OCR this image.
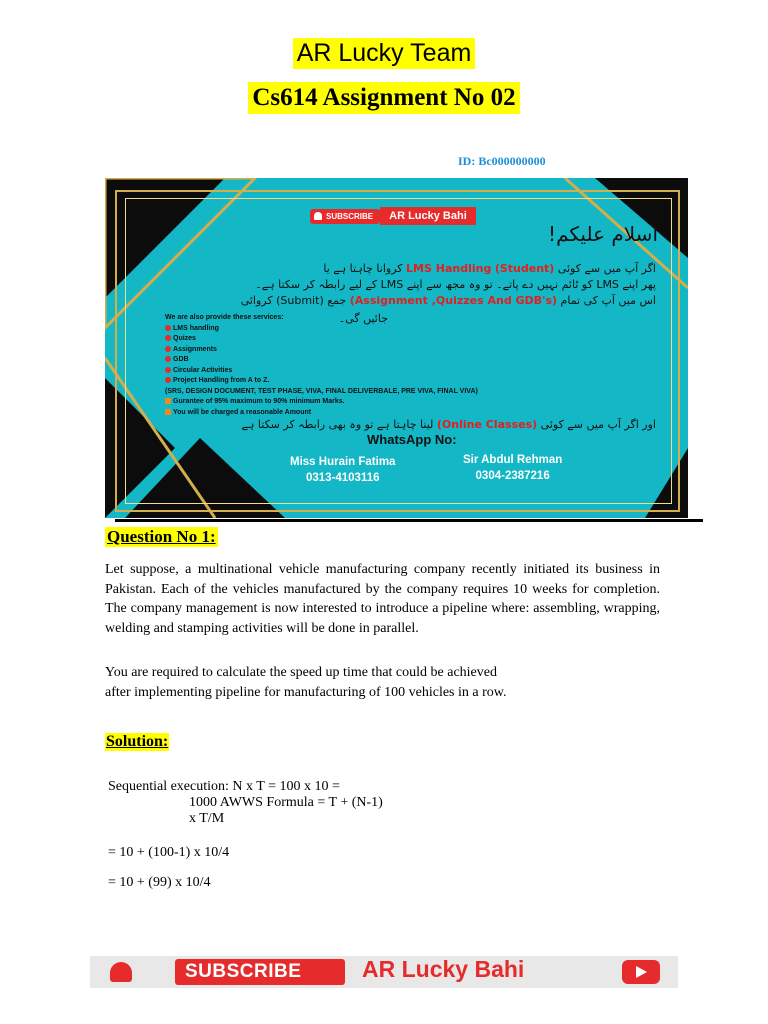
AR Lucky Team
Cs614 Assignment No 02
ID: Bc000000000
SUBSCRIBE	AR Lucky Bahi
اسلام علیکم!
اگر آپ میں سے کوئی (Student) LMS Handling کروانا چاہتا ہے یا
پھر اپنے LMS کو ٹائم نہیں دے پاتے۔ تو وہ مجھ سے اپنے LMS کے لیے رابطہ کر سکتا ہے۔
اس میں آپ کی تمام (Assignment ,Quizzes And GDB's) جمع (Submit) کروائی
جائیں گی۔
We are also provide these services:
LMS handling
Quizes
Assignments
GDB
Circular Activities
Project Handling from A to Z.
(SRS, DESIGN DOCUMENT, TEST PHASE, VIVA, FINAL DELIVERBALE, PRE VIVA, FINAL VIVA)
Gurantee of 95% maximum to 90% minimum Marks.
You will be charged a reasonable Amount
اور اگر آپ میں سے کوئی (Online Classes) لینا چاہتا ہے تو وہ بھی رابطہ کر سکتا ہے
WhatsApp No:
Miss Hurain Fatima
0313-4103116
Sir Abdul Rehman
0304-2387216
Question No 1:
Let suppose, a multinational vehicle manufacturing company recently initiated its business in Pakistan. Each of the vehicles manufactured by the company requires 10 weeks for completion. The company management is now interested to introduce a pipeline where: assembling, wrapping, welding and stamping activities will be done in parallel.
You are required to calculate the speed up time that could be achieved
after implementing pipeline for manufacturing of 100 vehicles in a row.
Solution:
Sequential execution: N x T = 100 x 10 =
1000 AWWS Formula = T + (N-1)
x T/M
= 10 + (100-1) x 10/4
= 10 + (99) x 10/4
SUBSCRIBE	AR Lucky Bahi
